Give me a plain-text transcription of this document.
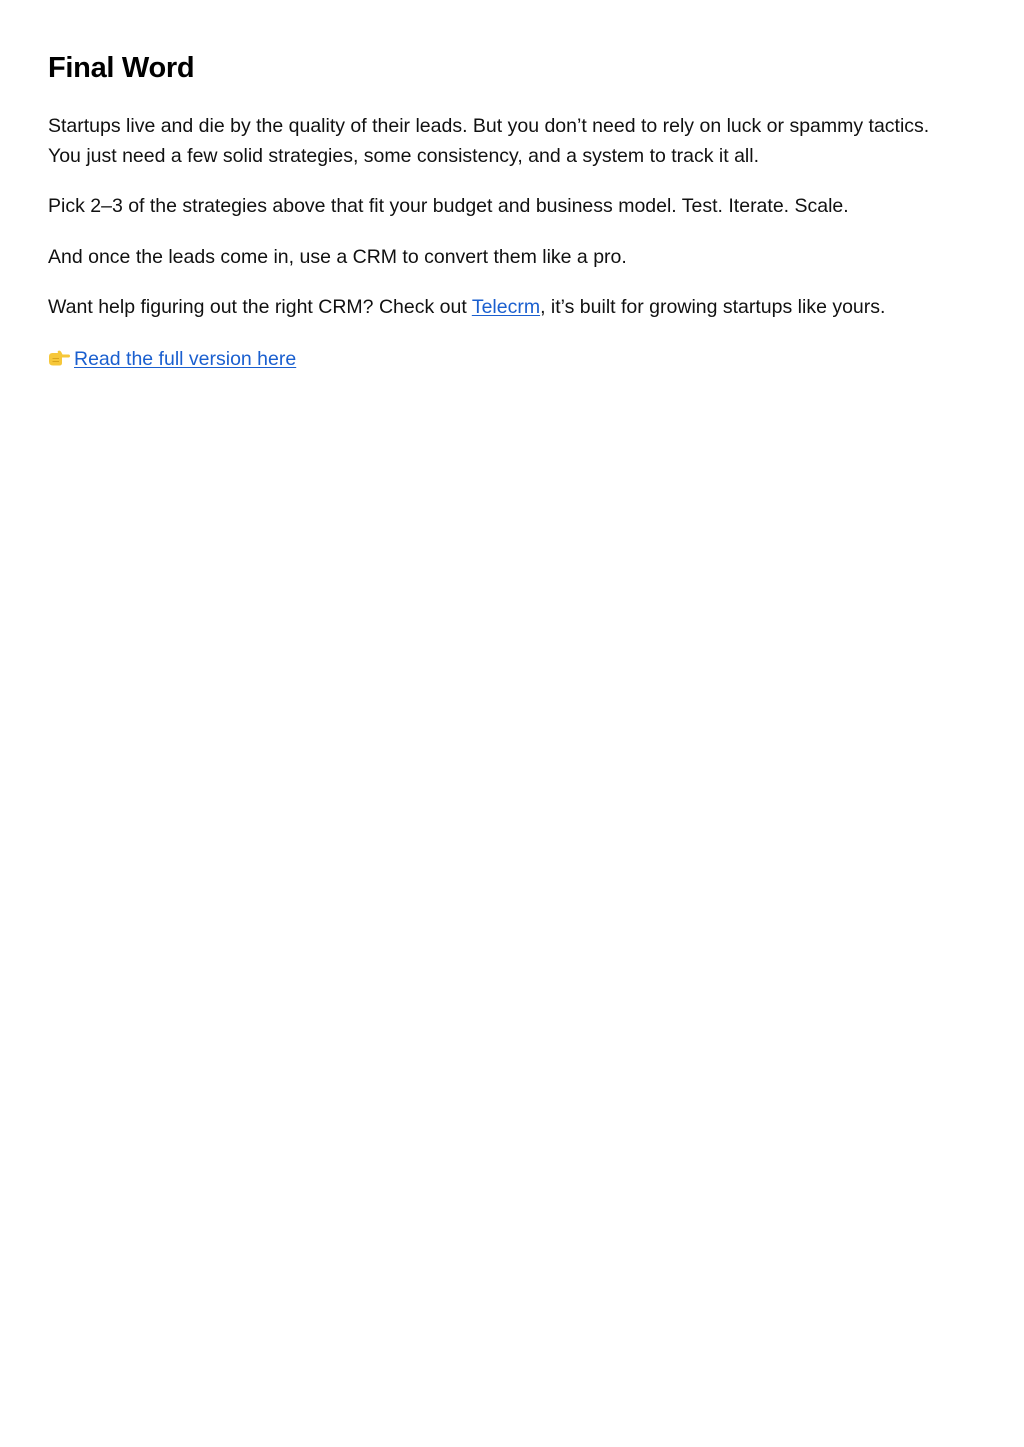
Final Word

Startups live and die by the quality of their leads. But you don’t need to rely on luck or spammy tactics.
You just need a few solid strategies, some consistency, and a system to track it all.

Pick 2–3 of the strategies above that fit your budget and business model. Test. Iterate. Scale.

And once the leads come in, use a CRM to convert them like a pro.

Want help figuring out the right CRM? Check out Telecrm, it’s built for growing startups like yours.

Read the full version here
